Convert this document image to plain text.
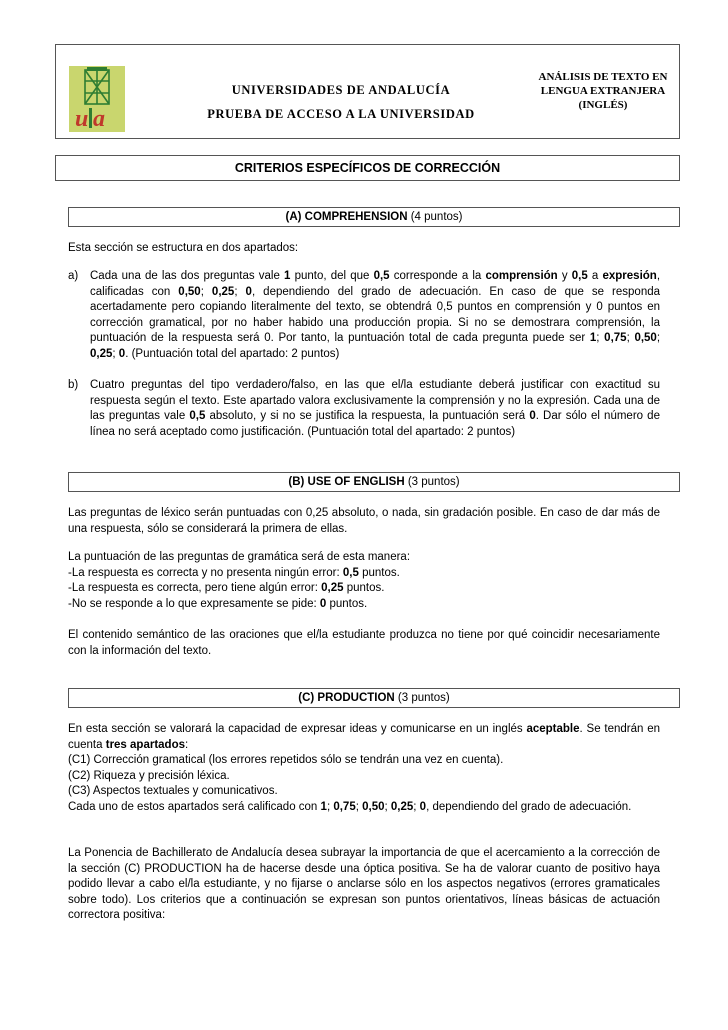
u a
UNIVERSIDADES DE ANDALUCÍA
PRUEBA DE ACCESO A LA UNIVERSIDAD
ANÁLISIS DE TEXTO EN
LENGUA EXTRANJERA
(INGLÉS)
CRITERIOS ESPECÍFICOS DE CORRECCIÓN
(A) COMPREHENSION (4 puntos)

Esta sección se estructura en dos apartados:

a) Cada una de las dos preguntas vale 1 punto, del que 0,5 corresponde a la comprensión y 0,5 a expresión, calificadas con 0,50; 0,25; 0, dependiendo del grado de adecuación. En caso de que se responda acertadamente pero copiando literalmente del texto, se obtendrá 0,5 puntos en comprensión y 0 puntos en corrección gramatical, por no haber habido una producción propia. Si no se demostrara comprensión, la puntuación de la respuesta será 0. Por tanto, la puntuación total de cada pregunta puede ser 1; 0,75; 0,50; 0,25; 0. (Puntuación total del apartado: 2 puntos)
b) Cuatro preguntas del tipo verdadero/falso, en las que el/la estudiante deberá justificar con exactitud su respuesta según el texto. Este apartado valora exclusivamente la comprensión y no la expresión. Cada una de las preguntas vale 0,5 absoluto, y si no se justifica la respuesta, la puntuación será 0. Dar sólo el número de línea no será aceptado como justificación. (Puntuación total del apartado: 2 puntos)
(B) USE OF ENGLISH (3 puntos)

Las preguntas de léxico serán puntuadas con 0,25 absoluto, o nada, sin gradación posible. En caso de dar más de una respuesta, sólo se considerará la primera de ellas.

La puntuación de las preguntas de gramática será de esta manera:
-La respuesta es correcta y no presenta ningún error: 0,5 puntos.
-La respuesta es correcta, pero tiene algún error: 0,25 puntos.
-No se responde a lo que expresamente se pide: 0 puntos.

El contenido semántico de las oraciones que el/la estudiante produzca no tiene por qué coincidir necesariamente con la información del texto.

(C) PRODUCTION (3 puntos)
En esta sección se valorará la capacidad de expresar ideas y comunicarse en un inglés aceptable. Se tendrán en cuenta tres apartados:
(C1) Corrección gramatical (los errores repetidos sólo se tendrán una vez en cuenta).
(C2) Riqueza y precisión léxica.
(C3) Aspectos textuales y comunicativos.
Cada uno de estos apartados será calificado con 1; 0,75; 0,50; 0,25; 0, dependiendo del grado de adecuación.

La Ponencia de Bachillerato de Andalucía desea subrayar la importancia de que el acercamiento a la corrección de la sección (C) PRODUCTION ha de hacerse desde una óptica positiva. Se ha de valorar cuanto de positivo haya podido llevar a cabo el/la estudiante, y no fijarse o anclarse sólo en los aspectos negativos (errores gramaticales sobre todo). Los criterios que a continuación se expresan son puntos orientativos, líneas básicas de actuación correctora positiva:
